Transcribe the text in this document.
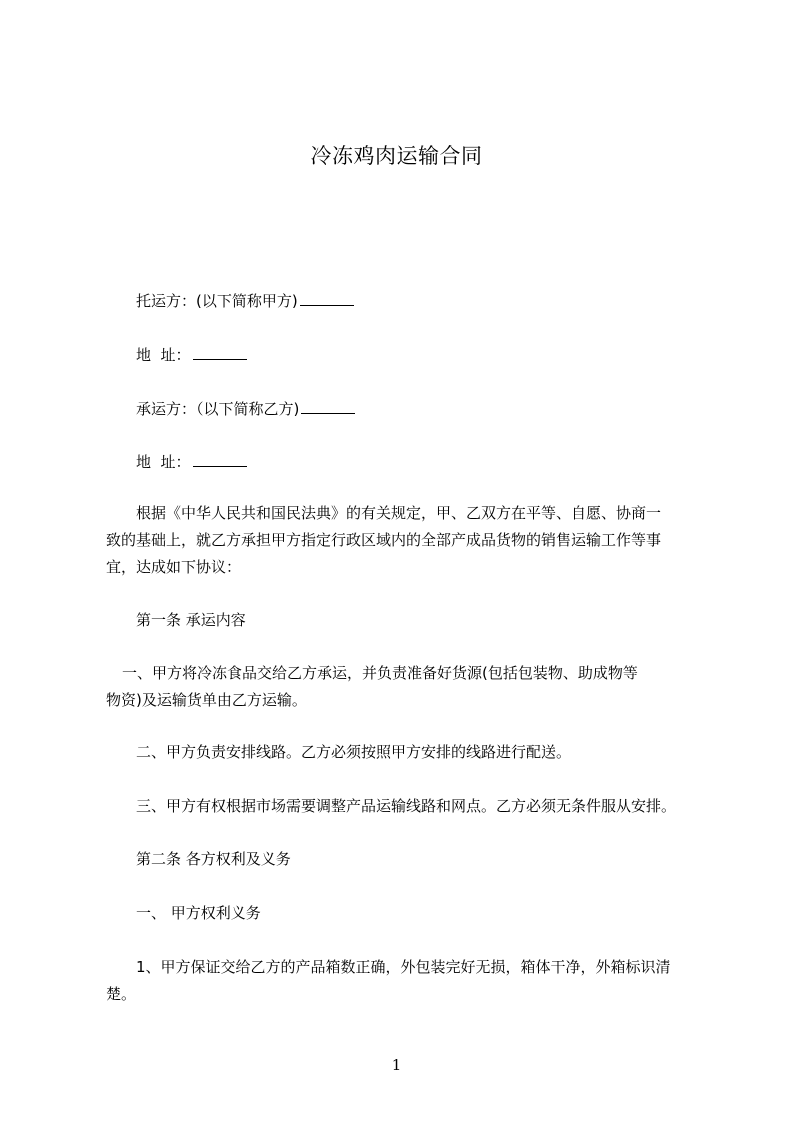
冷冻鸡肉运输合同
托运方：(以下简称甲方)
地  址：
承运方：（以下简称乙方)
地  址：
根据《中华人民共和国民法典》的有关规定，甲、乙双方在平等、自愿、协商一
致的基础上，就乙方承担甲方指定行政区域内的全部产成品货物的销售运输工作等事
宜，达成如下协议：
第一条 承运内容
一、甲方将冷冻食品交给乙方承运，并负责准备好货源(包括包装物、助成物等
物资)及运输货单由乙方运输。
二、甲方负责安排线路。乙方必须按照甲方安排的线路进行配送。
三、甲方有权根据市场需要调整产品运输线路和网点。乙方必须无条件服从安排。
第二条 各方权利及义务
一、 甲方权利义务
1、甲方保证交给乙方的产品箱数正确，外包装完好无损，箱体干净，外箱标识清
楚。
1
